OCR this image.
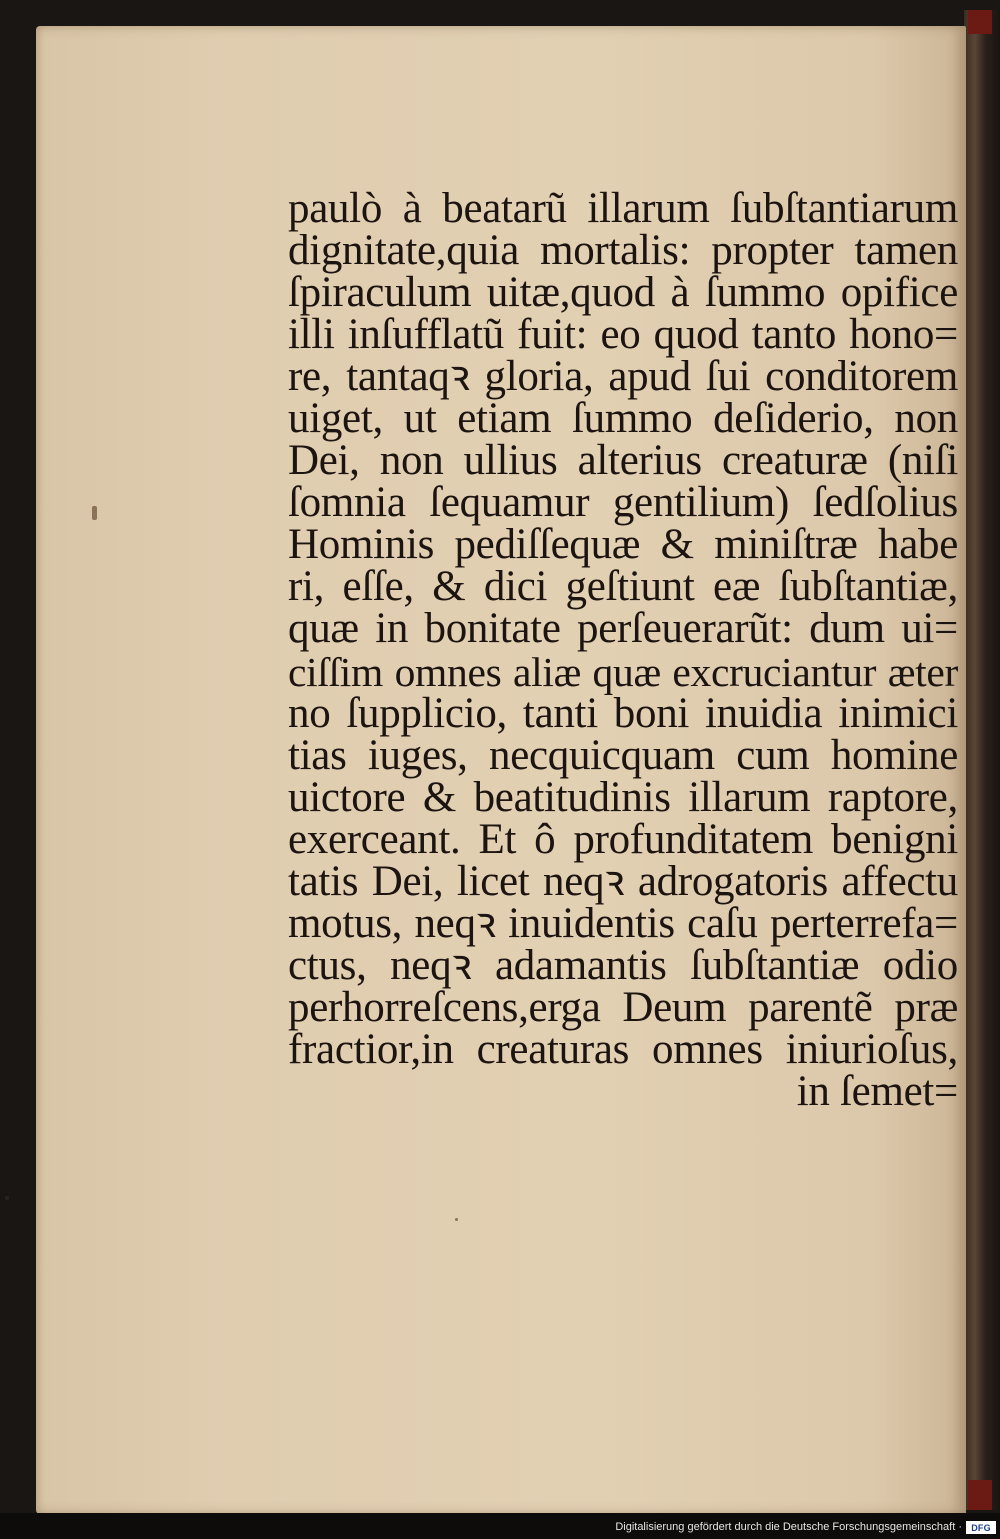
paulò à beatarũ illarum ſubſtantiarum
dignitate,quia mortalis: propter tamen
ſpiraculum uitæ,quod à ſummo opifice
illi inſufflatũ fuit: eo quod tanto hono=
re, tantaqꝛ gloria, apud ſui conditorem
uiget, ut etiam ſummo deſiderio, non
Dei, non ullius alterius creaturæ (niſi
ſomnia ſequamur gentilium) ſedſolius
Hominis pediſſequæ & miniſtræ habe
ri, eſſe, & dici geſtiunt eæ ſubſtantiæ,
quæ in bonitate perſeuerarũt: dum ui=
ciſſim omnes aliæ quæ excruciantur æter
no ſupplicio, tanti boni inuidia inimici
tias iuges, necquicquam cum homine
uictore & beatitudinis illarum raptore,
exerceant. Et ô profunditatem benigni
tatis Dei, licet neqꝛ adrogatoris affectu
motus, neqꝛ inuidentis caſu perterrefa=
ctus, neqꝛ adamantis ſubſtantiæ odio
perhorreſcens,erga Deum parentẽ præ
fractior,in creaturas omnes iniurioſus,
in ſemet=
Digitalisierung gefördert durch die Deutsche Forschungsgemeinschaft · DFG
